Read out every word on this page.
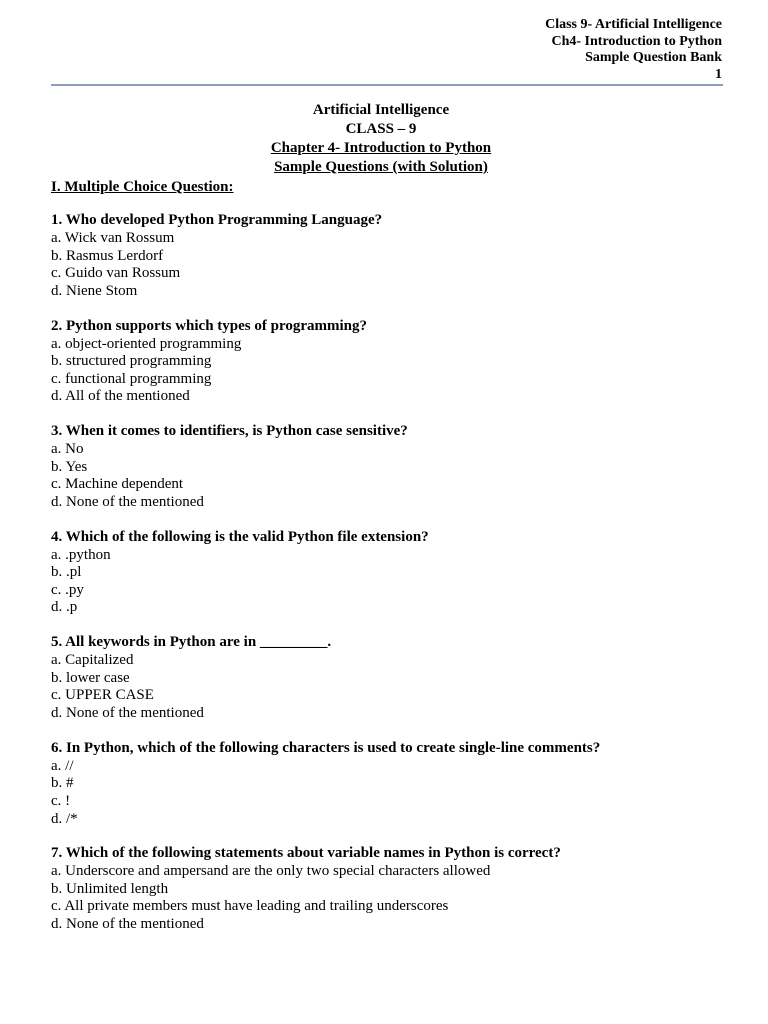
Class 9- Artificial Intelligence
Ch4- Introduction to Python
Sample Question Bank
1
Artificial Intelligence
CLASS – 9
Chapter 4- Introduction to Python
Sample Questions (with Solution)
I. Multiple Choice Question:
1. Who developed Python Programming Language?
a. Wick van Rossum
b. Rasmus Lerdorf
c. Guido van Rossum
d. Niene Stom
2. Python supports which types of programming?
a. object-oriented programming
b. structured programming
c. functional programming
d. All of the mentioned
3. When it comes to identifiers, is Python case sensitive?
a. No
b. Yes
c. Machine dependent
d. None of the mentioned
4. Which of the following is the valid Python file extension?
a. .python
b. .pl
c. .py
d. .p
5. All keywords in Python are in _________.
a. Capitalized
b. lower case
c. UPPER CASE
d. None of the mentioned
6. In Python, which of the following characters is used to create single-line comments?
a. //
b. #
c. !
d. /*
7. Which of the following statements about variable names in Python is correct?
a. Underscore and ampersand are the only two special characters allowed
b. Unlimited length
c. All private members must have leading and trailing underscores
d. None of the mentioned
